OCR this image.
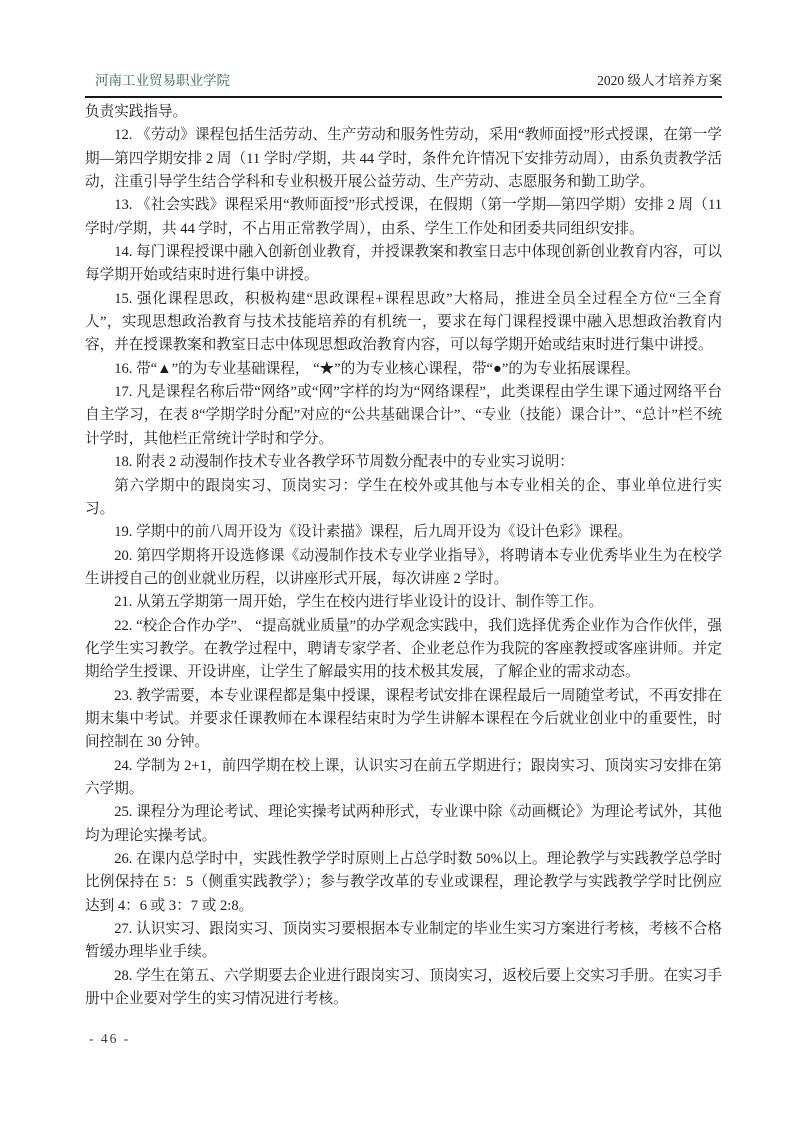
河南工业贸易职业学院	2020 级人才培养方案

负责实践指导。

12. 《劳动》课程包括生活劳动、生产劳动和服务性劳动，采用“教师面授”形式授课，在第一学期—第四学期安排 2 周（11 学时/学期，共 44 学时，条件允许情况下安排劳动周），由系负责教学活动，注重引导学生结合学科和专业积极开展公益劳动、生产劳动、志愿服务和勤工助学。

13. 《社会实践》课程采用“教师面授”形式授课，在假期（第一学期—第四学期）安排 2 周（11 学时/学期，共 44 学时，不占用正常教学周），由系、学生工作处和团委共同组织安排。

14. 每门课程授课中融入创新创业教育，并授课教案和教室日志中体现创新创业教育内容，可以每学期开始或结束时进行集中讲授。

15. 强化课程思政，积极构建“思政课程+课程思政”大格局，推进全员全过程全方位“三全育人”，实现思想政治教育与技术技能培养的有机统一，要求在每门课程授课中融入思想政治教育内容，并在授课教案和教室日志中体现思想政治教育内容，可以每学期开始或结束时进行集中讲授。

16. 带“▲”的为专业基础课程， “★”的为专业核心课程，带“●”的为专业拓展课程。

17. 凡是课程名称后带“网络”或“网”字样的均为“网络课程”，此类课程由学生课下通过网络平台自主学习，在表 8“学期学时分配”对应的“公共基础课合计”、“专业（技能）课合计”、“总计”栏不统计学时，其他栏正常统计学时和学分。

18. 附表 2 动漫制作技术专业各教学环节周数分配表中的专业实习说明：

第六学期中的跟岗实习、顶岗实习：学生在校外或其他与本专业相关的企、事业单位进行实习。

19. 学期中的前八周开设为《设计素描》课程，后九周开设为《设计色彩》课程。

20. 第四学期将开设选修课《动漫制作技术专业学业指导》，将聘请本专业优秀毕业生为在校学生讲授自己的创业就业历程，以讲座形式开展，每次讲座 2 学时。

21. 从第五学期第一周开始，学生在校内进行毕业设计的设计、制作等工作。

22. “校企合作办学”、 “提高就业质量”的办学观念实践中，我们选择优秀企业作为合作伙伴，强化学生实习教学。在教学过程中，聘请专家学者、企业老总作为我院的客座教授或客座讲师。并定期给学生授课、开设讲座，让学生了解最实用的技术极其发展，了解企业的需求动态。

23. 教学需要，本专业课程都是集中授课，课程考试安排在课程最后一周随堂考试，不再安排在期末集中考试。并要求任课教师在本课程结束时为学生讲解本课程在今后就业创业中的重要性，时间控制在 30 分钟。

24. 学制为 2+1，前四学期在校上课，认识实习在前五学期进行；跟岗实习、顶岗实习安排在第六学期。

25. 课程分为理论考试、理论实操考试两种形式，专业课中除《动画概论》为理论考试外，其他均为理论实操考试。

26. 在课内总学时中，实践性教学学时原则上占总学时数 50%以上。理论教学与实践教学总学时比例保持在 5：5（侧重实践教学）；参与教学改革的专业或课程，理论教学与实践教学学时比例应达到 4：6 或 3：7 或 2:8。

27. 认识实习、跟岗实习、顶岗实习要根据本专业制定的毕业生实习方案进行考核，考核不合格暂缓办理毕业手续。

28. 学生在第五、六学期要去企业进行跟岗实习、顶岗实习，返校后要上交实习手册。在实习手册中企业要对学生的实习情况进行考核。

- 46 -
